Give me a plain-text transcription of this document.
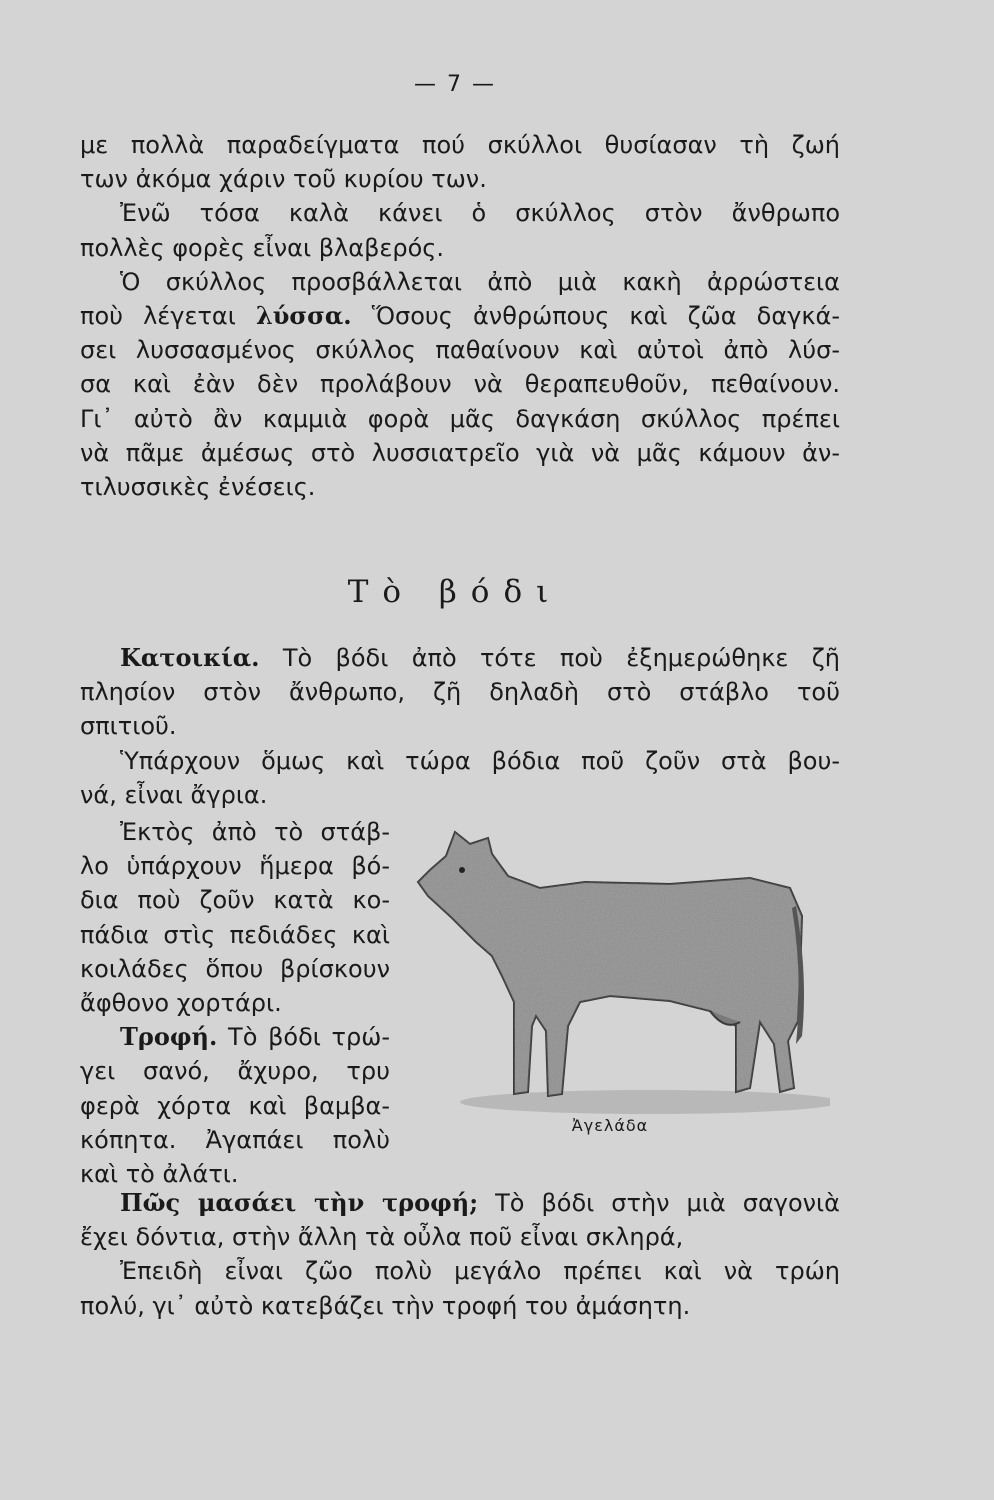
— 7 —
με πολλὰ παραδείγματα πού σκύλλοι θυσίασαν τὴ ζωή
των ἀκόμα χάριν τοῦ κυρίου των.
Ἐνῶ τόσα καλὰ κάνει ὁ σκύλλος στὸν ἄνθρωπο
πολλὲς φορὲς εἶναι βλαβερός.
Ὁ σκύλλος προσβάλλεται ἀπὸ μιὰ κακὴ ἀρρώστεια
ποὺ λέγεται λύσσα. Ὅσους ἀνθρώπους καὶ ζῶα δαγκά-
σει λυσσασμένος σκύλλος παθαίνουν καὶ αὐτοὶ ἀπὸ λύσ-
σα καὶ ἐὰν δὲν προλάβουν νὰ θεραπευθοῦν, πεθαίνουν.
Γι᾽ αὐτὸ ἂν καμμιὰ φορὰ μᾶς δαγκάση σκύλλος πρέπει
νὰ πᾶμε ἀμέσως στὸ λυσσιατρεῖο γιὰ νὰ μᾶς κάμουν ἀν-
τιλυσσικὲς ἐνέσεις.
Τὸ βόδι
Κατοικία. Τὸ βόδι ἀπὸ τότε ποὺ ἐξημερώθηκε ζῆ
πλησίον στὸν ἄνθρωπο, ζῆ δηλαδὴ στὸ στάβλο τοῦ
σπιτιοῦ.
Ὑπάρχουν ὅμως καὶ τώρα βόδια ποῦ ζοῦν στὰ βου-
νά, εἶναι ἄγρια.
Ἐκτὸς ἀπὸ τὸ στάβ-
λο ὑπάρχουν ἥμερα βό-
δια ποὺ ζοῦν κατὰ κο-
πάδια στὶς πεδιάδες καὶ
κοιλάδες ὅπου βρίσκουν
ἄφθονο χορτάρι.
Τροφή. Τὸ βόδι τρώ-
γει σανό, ἄχυρο, τρυ
φερὰ χόρτα καὶ βαμβα-
κόπητα. Ἀγαπάει πολὺ
καὶ τὸ ἀλάτι.
Ἀγελάδα
Πῶς μασάει τὴν τροφή; Τὸ βόδι στὴν μιὰ σαγονιὰ
ἔχει δόντια, στὴν ἄλλη τὰ οὖλα ποῦ εἶναι σκληρά,
Ἐπειδὴ εἶναι ζῶο πολὺ μεγάλο πρέπει καὶ νὰ τρώη
πολύ, γι᾽ αὐτὸ κατεβάζει τὴν τροφή του ἀμάσητη.
